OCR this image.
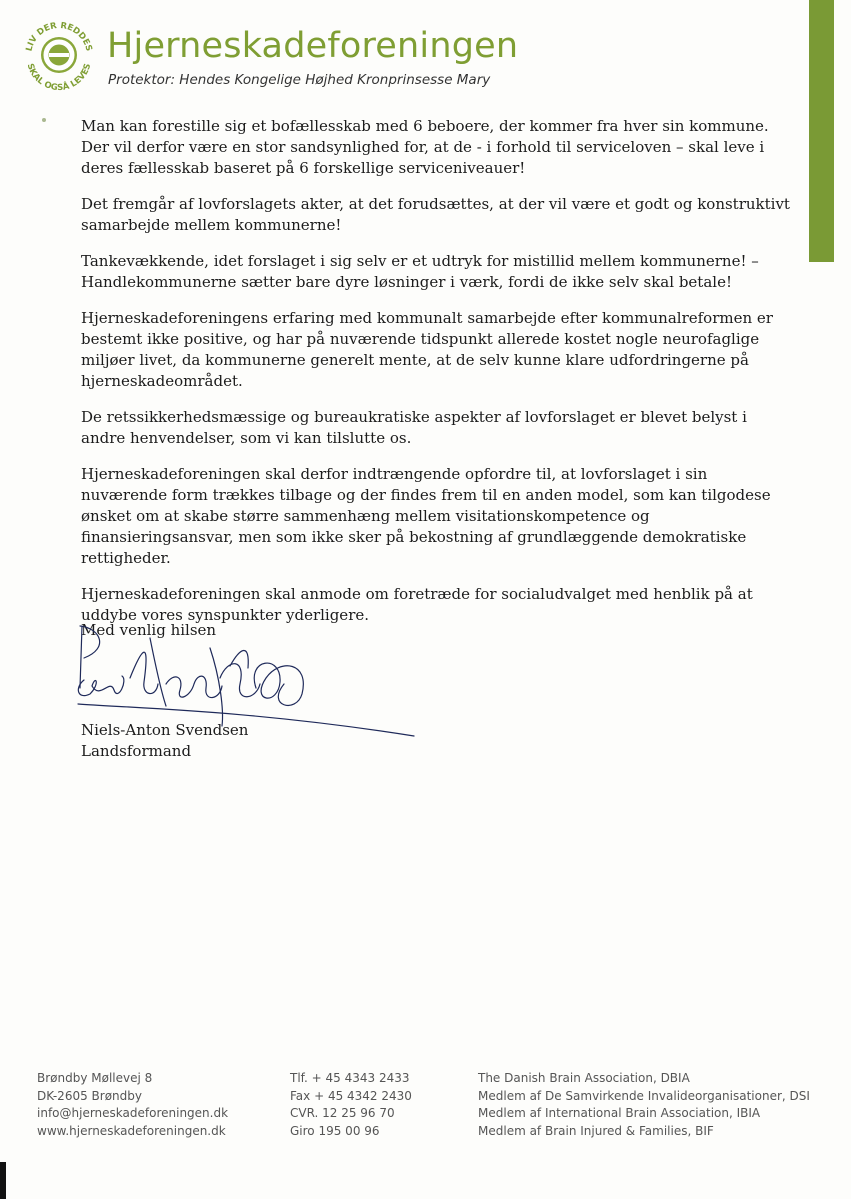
LIV DER REDDES
SKAL OGSÅ LEVES
Hjerneskadeforeningen
Protektor: Hendes Kongelige Højhed Kronprinsesse Mary

Man kan forestille sig et bofællesskab med 6 beboere, der kommer fra hver sin kommune. Der vil derfor være en stor sandsynlighed for, at de - i forhold til serviceloven – skal leve i deres fællesskab baseret på 6 forskellige serviceniveauer!

Det fremgår af lovforslagets akter, at det forudsættes, at der vil være et godt og konstruktivt samarbejde mellem kommunerne!

Tankevækkende, idet forslaget i sig selv er et udtryk for mistillid mellem kommunerne! – Handlekommunerne sætter bare dyre løsninger i værk, fordi de ikke selv skal betale!

Hjerneskadeforeningens erfaring med kommunalt samarbejde efter kommunalreformen er bestemt ikke positive, og har på nuværende tidspunkt allerede kostet nogle neurofaglige miljøer livet, da kommunerne generelt mente, at de selv kunne klare udfordringerne på hjerneskadeområdet.

De retssikkerhedsmæssige og bureaukratiske aspekter af lovforslaget er blevet belyst i andre henvendelser, som vi kan tilslutte os.

Hjerneskadeforeningen skal derfor indtrængende opfordre til, at lovforslaget i sin nuværende form trækkes tilbage og der findes frem til en anden model, som kan tilgodese ønsket om at skabe større sammenhæng mellem visitationskompetence og finansieringsansvar, men som ikke sker på bekostning af grundlæggende demokratiske rettigheder.

Hjerneskadeforeningen skal anmode om foretræde for socialudvalget med henblik på at uddybe vores synspunkter yderligere.

Med venlig hilsen
Niels-Anton Svendsen
Landsformand
Brøndby Møllevej 8
DK-2605 Brøndby
info@hjerneskadeforeningen.dk
www.hjerneskadeforeningen.dk
Tlf. + 45 4343 2433
Fax + 45 4342 2430
CVR. 12 25 96 70
Giro 195 00 96
The Danish Brain Association, DBIA
Medlem af De Samvirkende Invalideorganisationer, DSI
Medlem af International Brain Association, IBIA
Medlem af Brain Injured & Families, BIF
